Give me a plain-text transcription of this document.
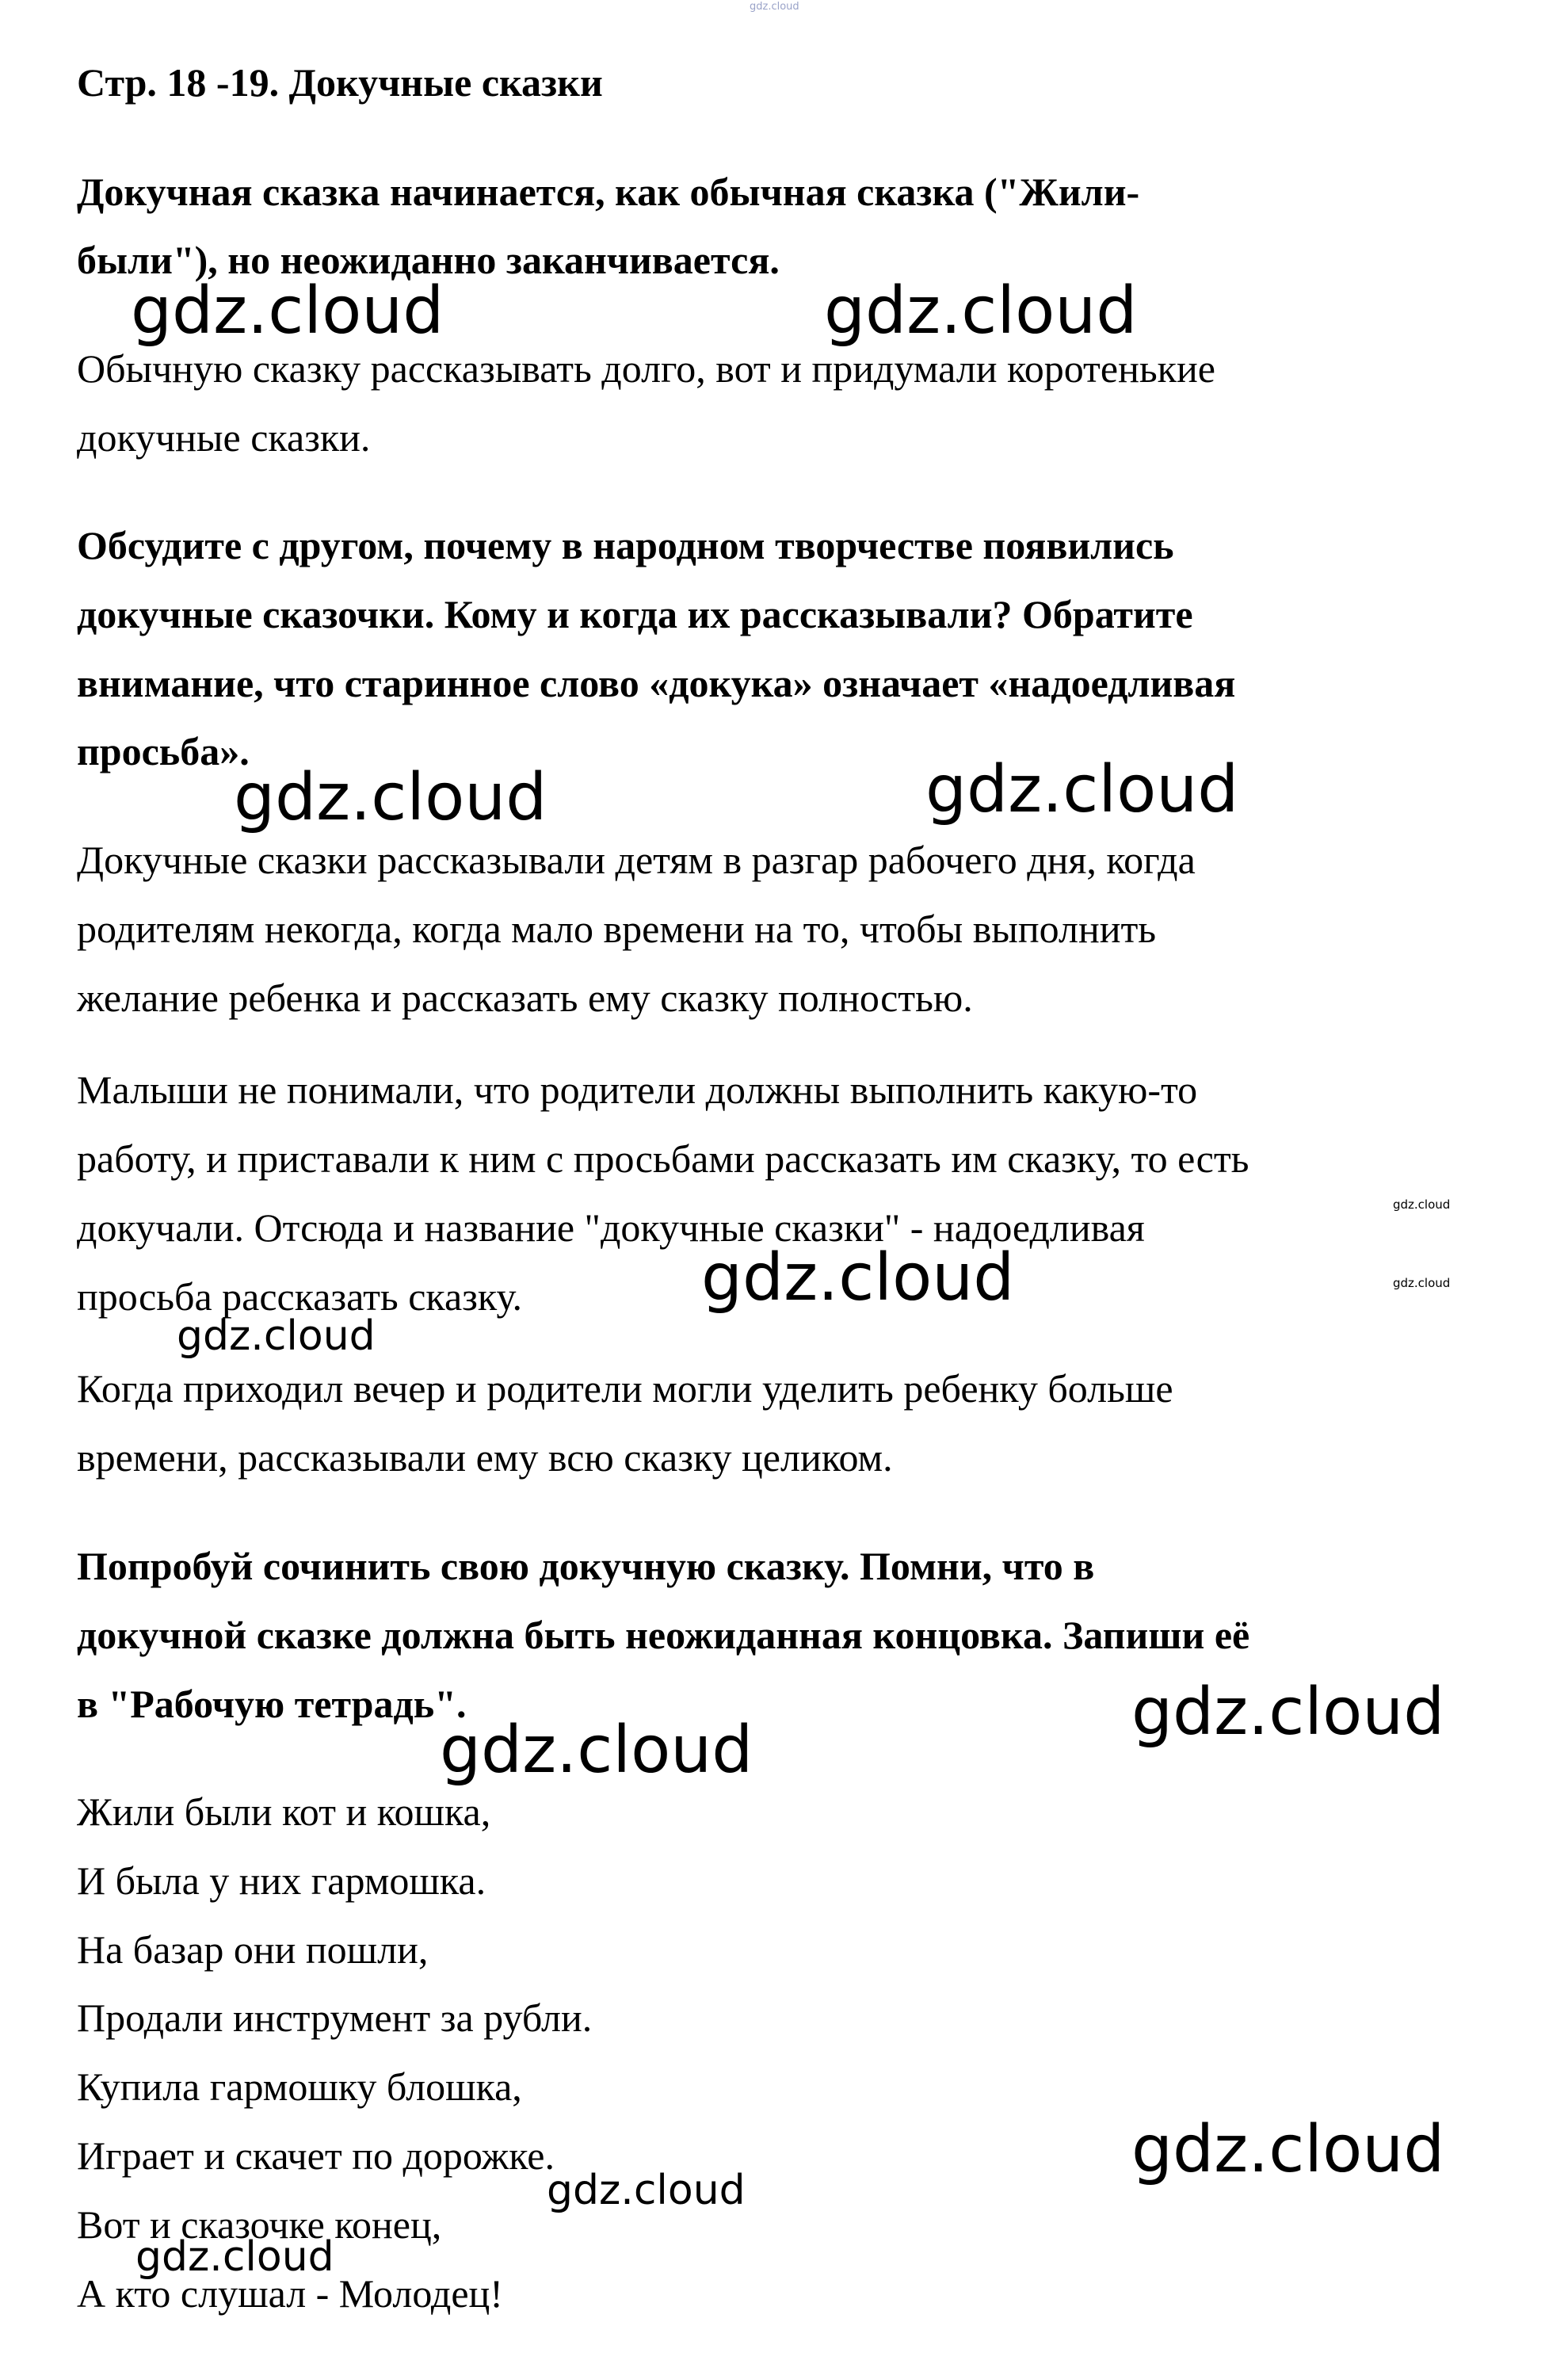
gdz.cloud
Стр. 18 -19. Докучные сказки
Докучная сказка начинается, как обычная сказка ("Жили-
были"), но неожиданно заканчивается.
Обычную сказку рассказывать долго, вот и придумали коротенькие
докучные сказки.
Обсудите с другом, почему в народном творчестве появились
докучные сказочки. Кому и когда их рассказывали? Обратите
внимание, что старинное слово «докука» означает «надоедливая
просьба».
Докучные сказки рассказывали детям в разгар рабочего дня, когда
родителям некогда, когда мало времени на то, чтобы выполнить
желание ребенка и рассказать ему сказку полностью.
Малыши не понимали, что родители должны выполнить какую-то
работу, и приставали к ним с просьбами рассказать им сказку, то есть
докучали. Отсюда и название "докучные сказки" - надоедливая
просьба рассказать сказку.
Когда приходил вечер и родители могли уделить ребенку больше
времени, рассказывали ему всю сказку целиком.
Попробуй сочинить свою докучную сказку. Помни, что в
докучной сказке должна быть неожиданная концовка. Запиши её
в "Рабочую тетрадь".
Жили были кот и кошка,
И была у них гармошка.
На базар они пошли,
Продали инструмент за рубли.
Купила гармошку блошка,
Играет и скачет по дорожке.
Вот и сказочке конец,
А кто слушал - Молодец!
gdz.cloud	gdz.cloud
gdz.cloud	gdz.cloud
gdz.cloud
gdz.cloud	gdz.cloud
gdz.cloud
gdz.cloud
gdz.cloud
gdz.cloud
gdz.cloud
gdz.cloud
